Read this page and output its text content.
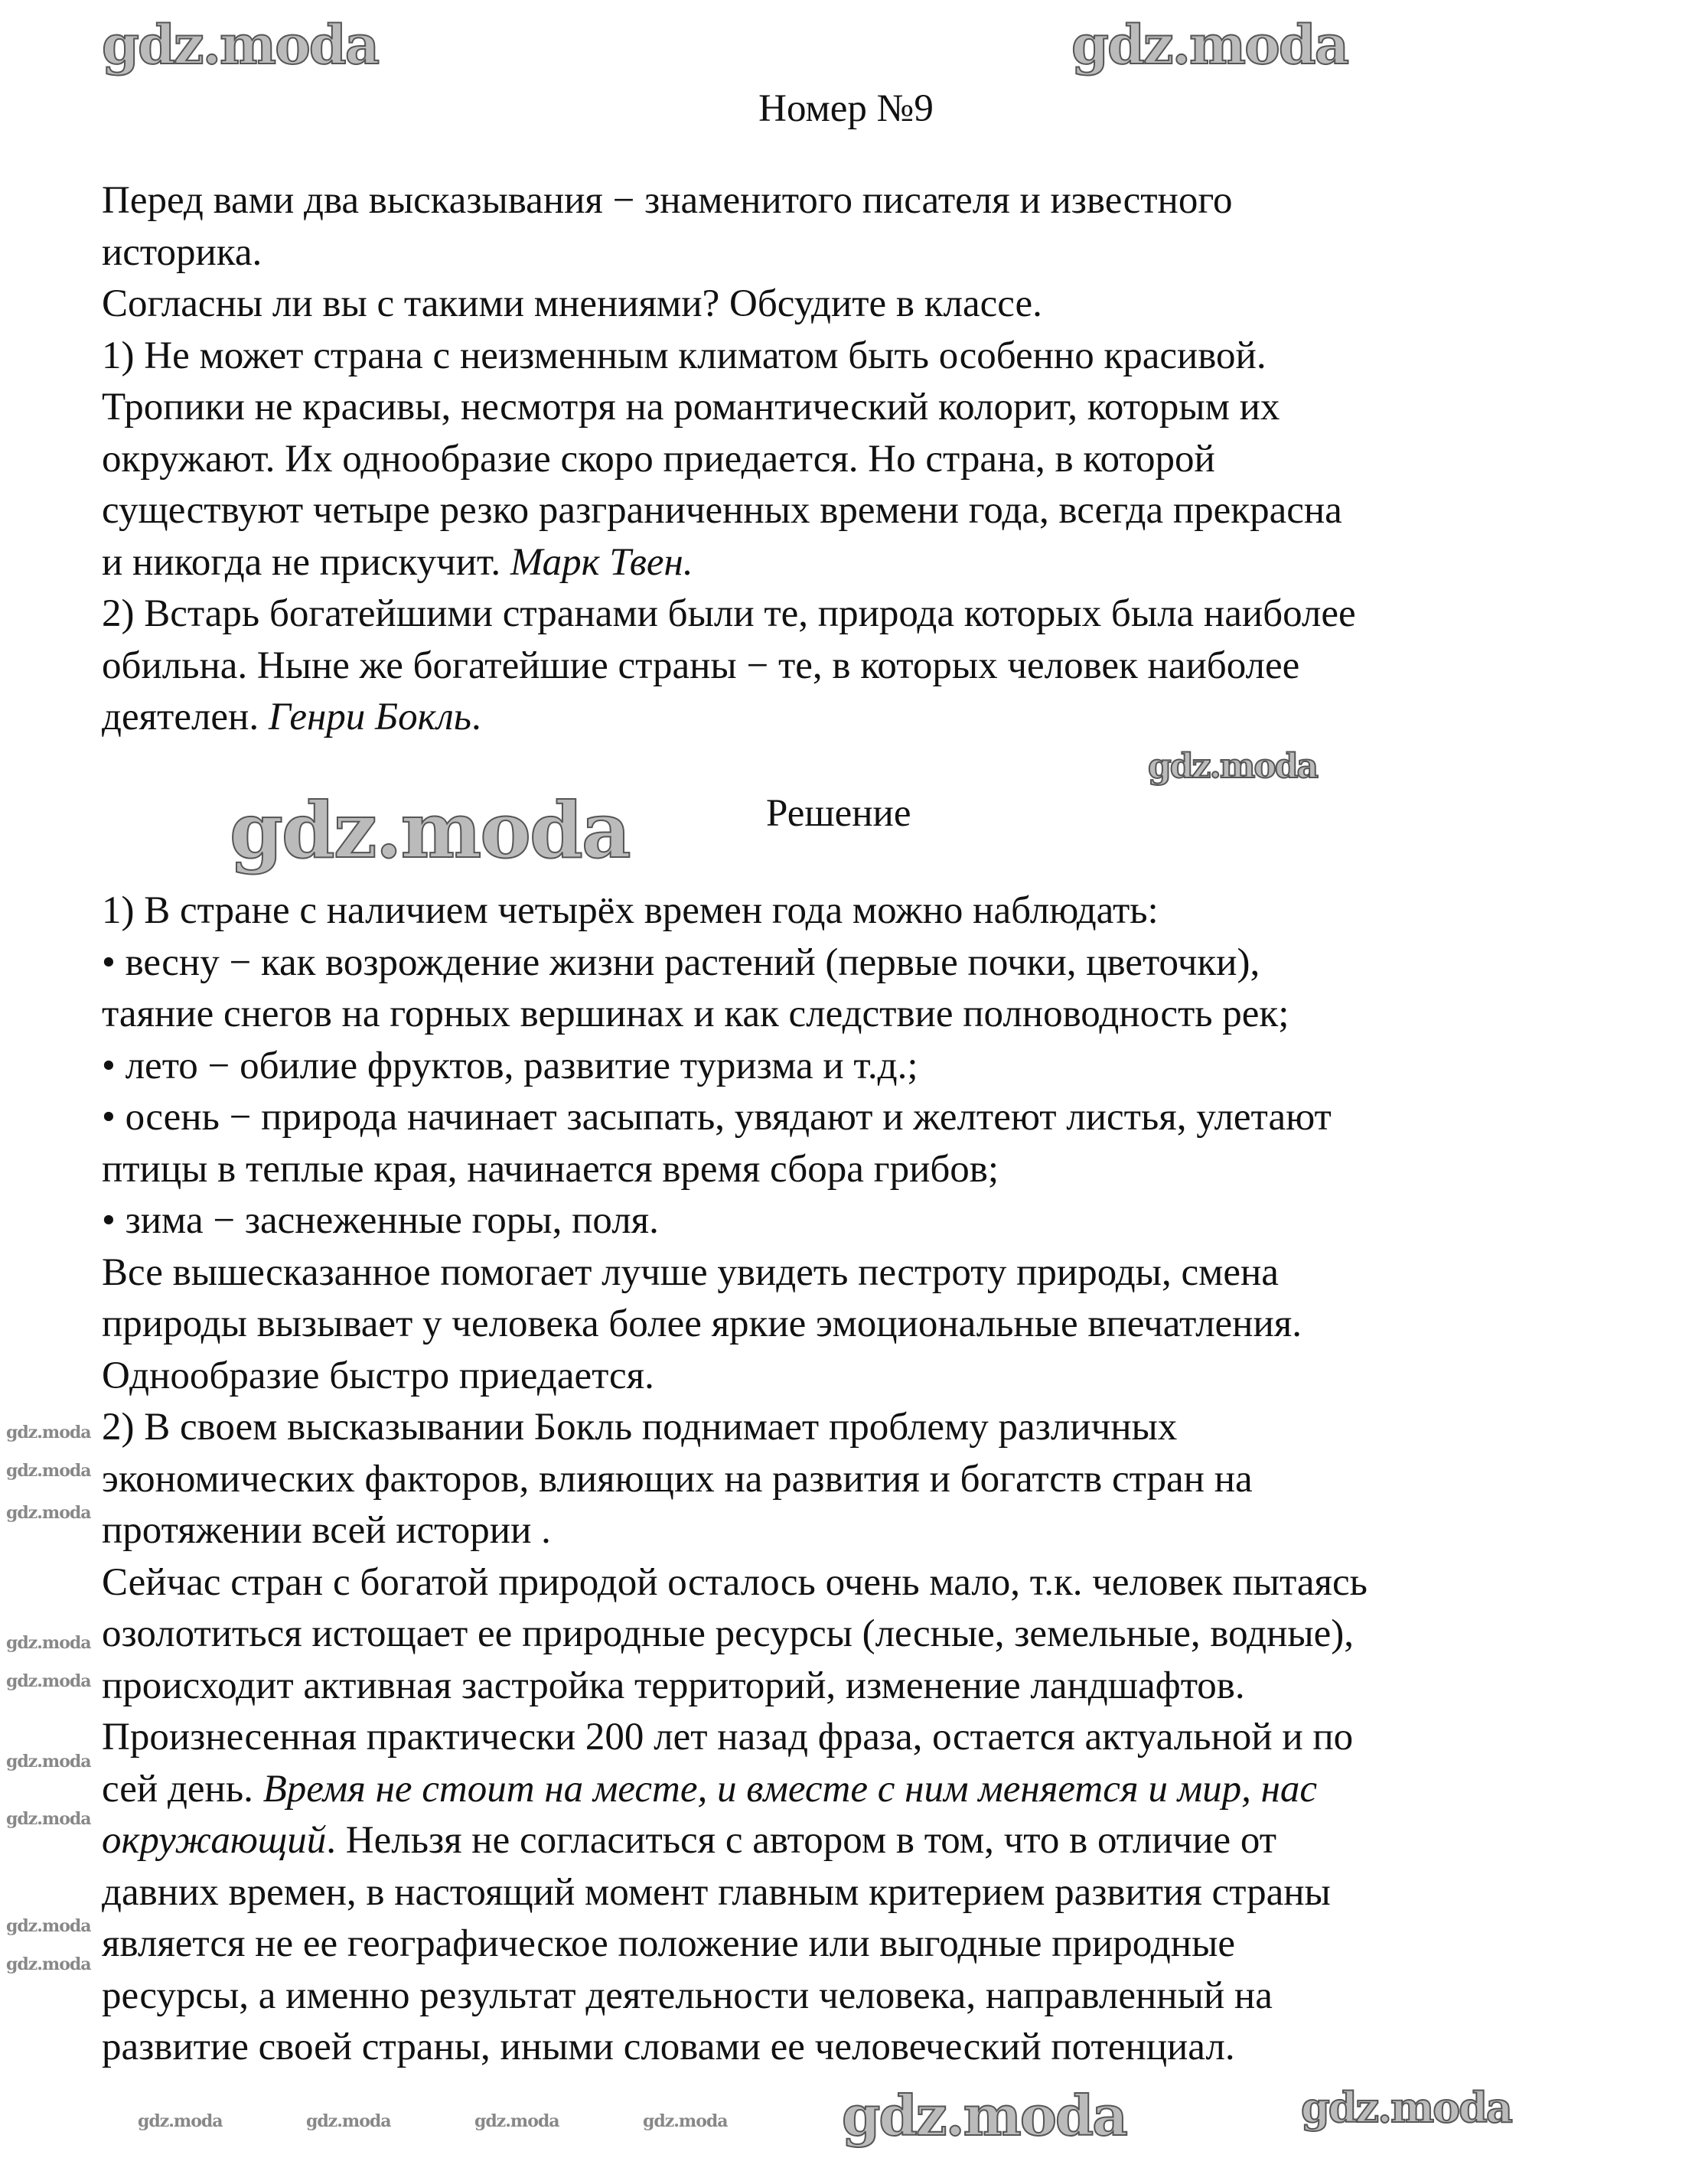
Номер №9
Перед вами два высказывания − знаменитого писателя и известного
историка.
Согласны ли вы с такими мнениями? Обсудите в классе.
1) Не может страна с неизменным климатом быть особенно красивой.
Тропики не красивы, несмотря на романтический колорит, которым их
окружают. Их однообразие скоро приедается. Но страна, в которой
существуют четыре резко разграниченных времени года, всегда прекрасна
и никогда не прискучит. Марк Твен.
2) Встарь богатейшими странами были те, природа которых была наиболее
обильна. Ныне же богатейшие страны − те, в которых человек наиболее
деятелен. Генри Бокль.
Решение
1) В стране с наличием четырёх времен года можно наблюдать:
• весну − как возрождение жизни растений (первые почки, цветочки),
таяние снегов на горных вершинах и как следствие полноводность рек;
• лето − обилие фруктов, развитие туризма и т.д.;
• осень − природа начинает засыпать, увядают и желтеют листья, улетают
птицы в теплые края, начинается время сбора грибов;
• зима − заснеженные горы, поля.
Все вышесказанное помогает лучше увидеть пестроту природы, смена
природы вызывает у человека более яркие эмоциональные впечатления.
Однообразие быстро приедается.
2) В своем высказывании Бокль поднимает проблему различных
экономических факторов, влияющих на развития и богатств стран на
протяжении всей истории .
Сейчас стран с богатой природой осталось очень мало, т.к. человек пытаясь
озолотиться истощает ее природные ресурсы (лесные, земельные, водные),
происходит активная застройка территорий, изменение ландшафтов.
Произнесенная практически 200 лет назад фраза, остается актуальной и по
сей день. Время не стоит на месте, и вместе с ним меняется и мир, нас
окружающий. Нельзя не согласиться с автором в том, что в отличие от
давних времен, в настоящий момент главным критерием развития страны
является не ее географическое положение или выгодные природные
ресурсы, а именно результат деятельности человека, направленный на
развитие своей страны, иными словами ее человеческий потенциал.
gdz.moda	gdz.moda
gdz.moda
gdz.moda
gdz.moda
gdz.moda
gdz.moda
gdz.moda
gdz.moda
gdz.moda
gdz.moda
gdz.moda
gdz.moda
gdz.moda
gdz.moda	gdz.moda	gdz.moda	gdz.moda
gdz.moda
